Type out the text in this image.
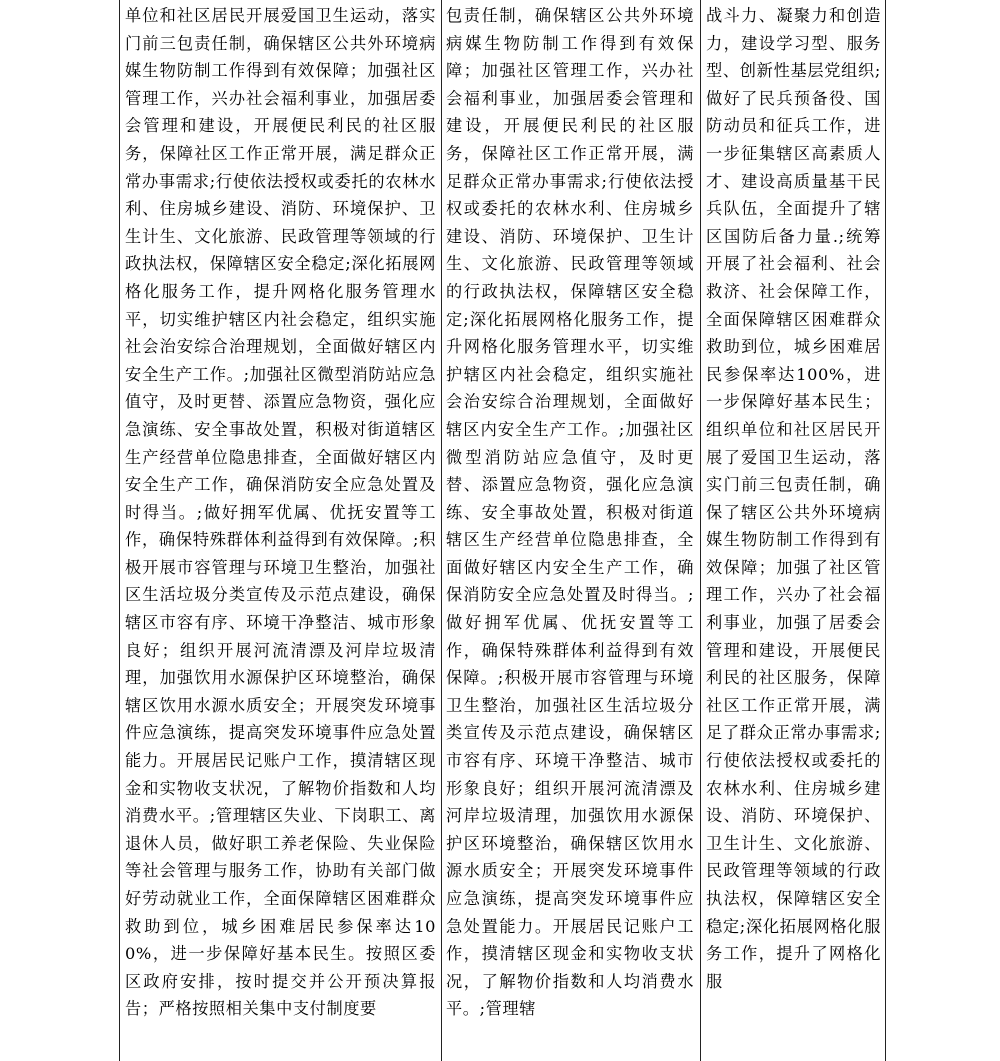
单位和社区居民开展爱国卫生运动，落实门前三包责任制，确保辖区公共外环境病媒生物防制工作得到有效保障；加强社区管理工作，兴办社会福利事业，加强居委会管理和建设，开展便民利民的社区服务，保障社区工作正常开展，满足群众正常办事需求;行使依法授权或委托的农林水利、住房城乡建设、消防、环境保护、卫生计生、文化旅游、民政管理等领域的行政执法权，保障辖区安全稳定;深化拓展网格化服务工作，提升网格化服务管理水平，切实维护辖区内社会稳定，组织实施社会治安综合治理规划，全面做好辖区内安全生产工作。;加强社区微型消防站应急值守，及时更替、添置应急物资，强化应急演练、安全事故处置，积极对街道辖区生产经营单位隐患排查，全面做好辖区内安全生产工作，确保消防安全应急处置及时得当。;做好拥军优属、优抚安置等工作，确保特殊群体利益得到有效保障。;积极开展市容管理与环境卫生整治，加强社区生活垃圾分类宣传及示范点建设，确保辖区市容有序、环境干净整洁、城市形象良好；组织开展河流清漂及河岸垃圾清理，加强饮用水源保护区环境整治，确保辖区饮用水源水质安全；开展突发环境事件应急演练，提高突发环境事件应急处置能力。开展居民记账户工作，摸清辖区现金和实物收支状况，了解物价指数和人均消费水平。;管理辖区失业、下岗职工、离退休人员，做好职工养老保险、失业保险等社会管理与服务工作，协助有关部门做好劳动就业工作，全面保障辖区困难群众救助到位，城乡困难居民参保率达100%，进一步保障好基本民生。按照区委区政府安排，按时提交并公开预决算报告；严格按照相关集中支付制度要

包责任制，确保辖区公共外环境病媒生物防制工作得到有效保障；加强社区管理工作，兴办社会福利事业，加强居委会管理和建设，开展便民利民的社区服务，保障社区工作正常开展，满足群众正常办事需求;行使依法授权或委托的农林水利、住房城乡建设、消防、环境保护、卫生计生、文化旅游、民政管理等领域的行政执法权，保障辖区安全稳定;深化拓展网格化服务工作，提升网格化服务管理水平，切实维护辖区内社会稳定，组织实施社会治安综合治理规划，全面做好辖区内安全生产工作。;加强社区微型消防站应急值守，及时更替、添置应急物资，强化应急演练、安全事故处置，积极对街道辖区生产经营单位隐患排查，全面做好辖区内安全生产工作，确保消防安全应急处置及时得当。;做好拥军优属、优抚安置等工作，确保特殊群体利益得到有效保障。;积极开展市容管理与环境卫生整治，加强社区生活垃圾分类宣传及示范点建设，确保辖区市容有序、环境干净整洁、城市形象良好；组织开展河流清漂及河岸垃圾清理，加强饮用水源保护区环境整治，确保辖区饮用水源水质安全；开展突发环境事件应急演练，提高突发环境事件应急处置能力。开展居民记账户工作，摸清辖区现金和实物收支状况，了解物价指数和人均消费水平。;管理辖

战斗力、凝聚力和创造力，建设学习型、服务型、创新性基层党组织;做好了民兵预备役、国防动员和征兵工作，进一步征集辖区高素质人才、建设高质量基干民兵队伍，全面提升了辖区国防后备力量.;统筹开展了社会福利、社会救济、社会保障工作，全面保障辖区困难群众救助到位，城乡困难居民参保率达100%，进一步保障好基本民生；组织单位和社区居民开展了爱国卫生运动，落实门前三包责任制，确保了辖区公共外环境病媒生物防制工作得到有效保障；加强了社区管理工作，兴办了社会福利事业，加强了居委会管理和建设，开展便民利民的社区服务，保障社区工作正常开展，满足了群众正常办事需求;行使依法授权或委托的农林水利、住房城乡建设、消防、环境保护、卫生计生、文化旅游、民政管理等领域的行政执法权，保障辖区安全稳定;深化拓展网格化服务工作，提升了网格化服
